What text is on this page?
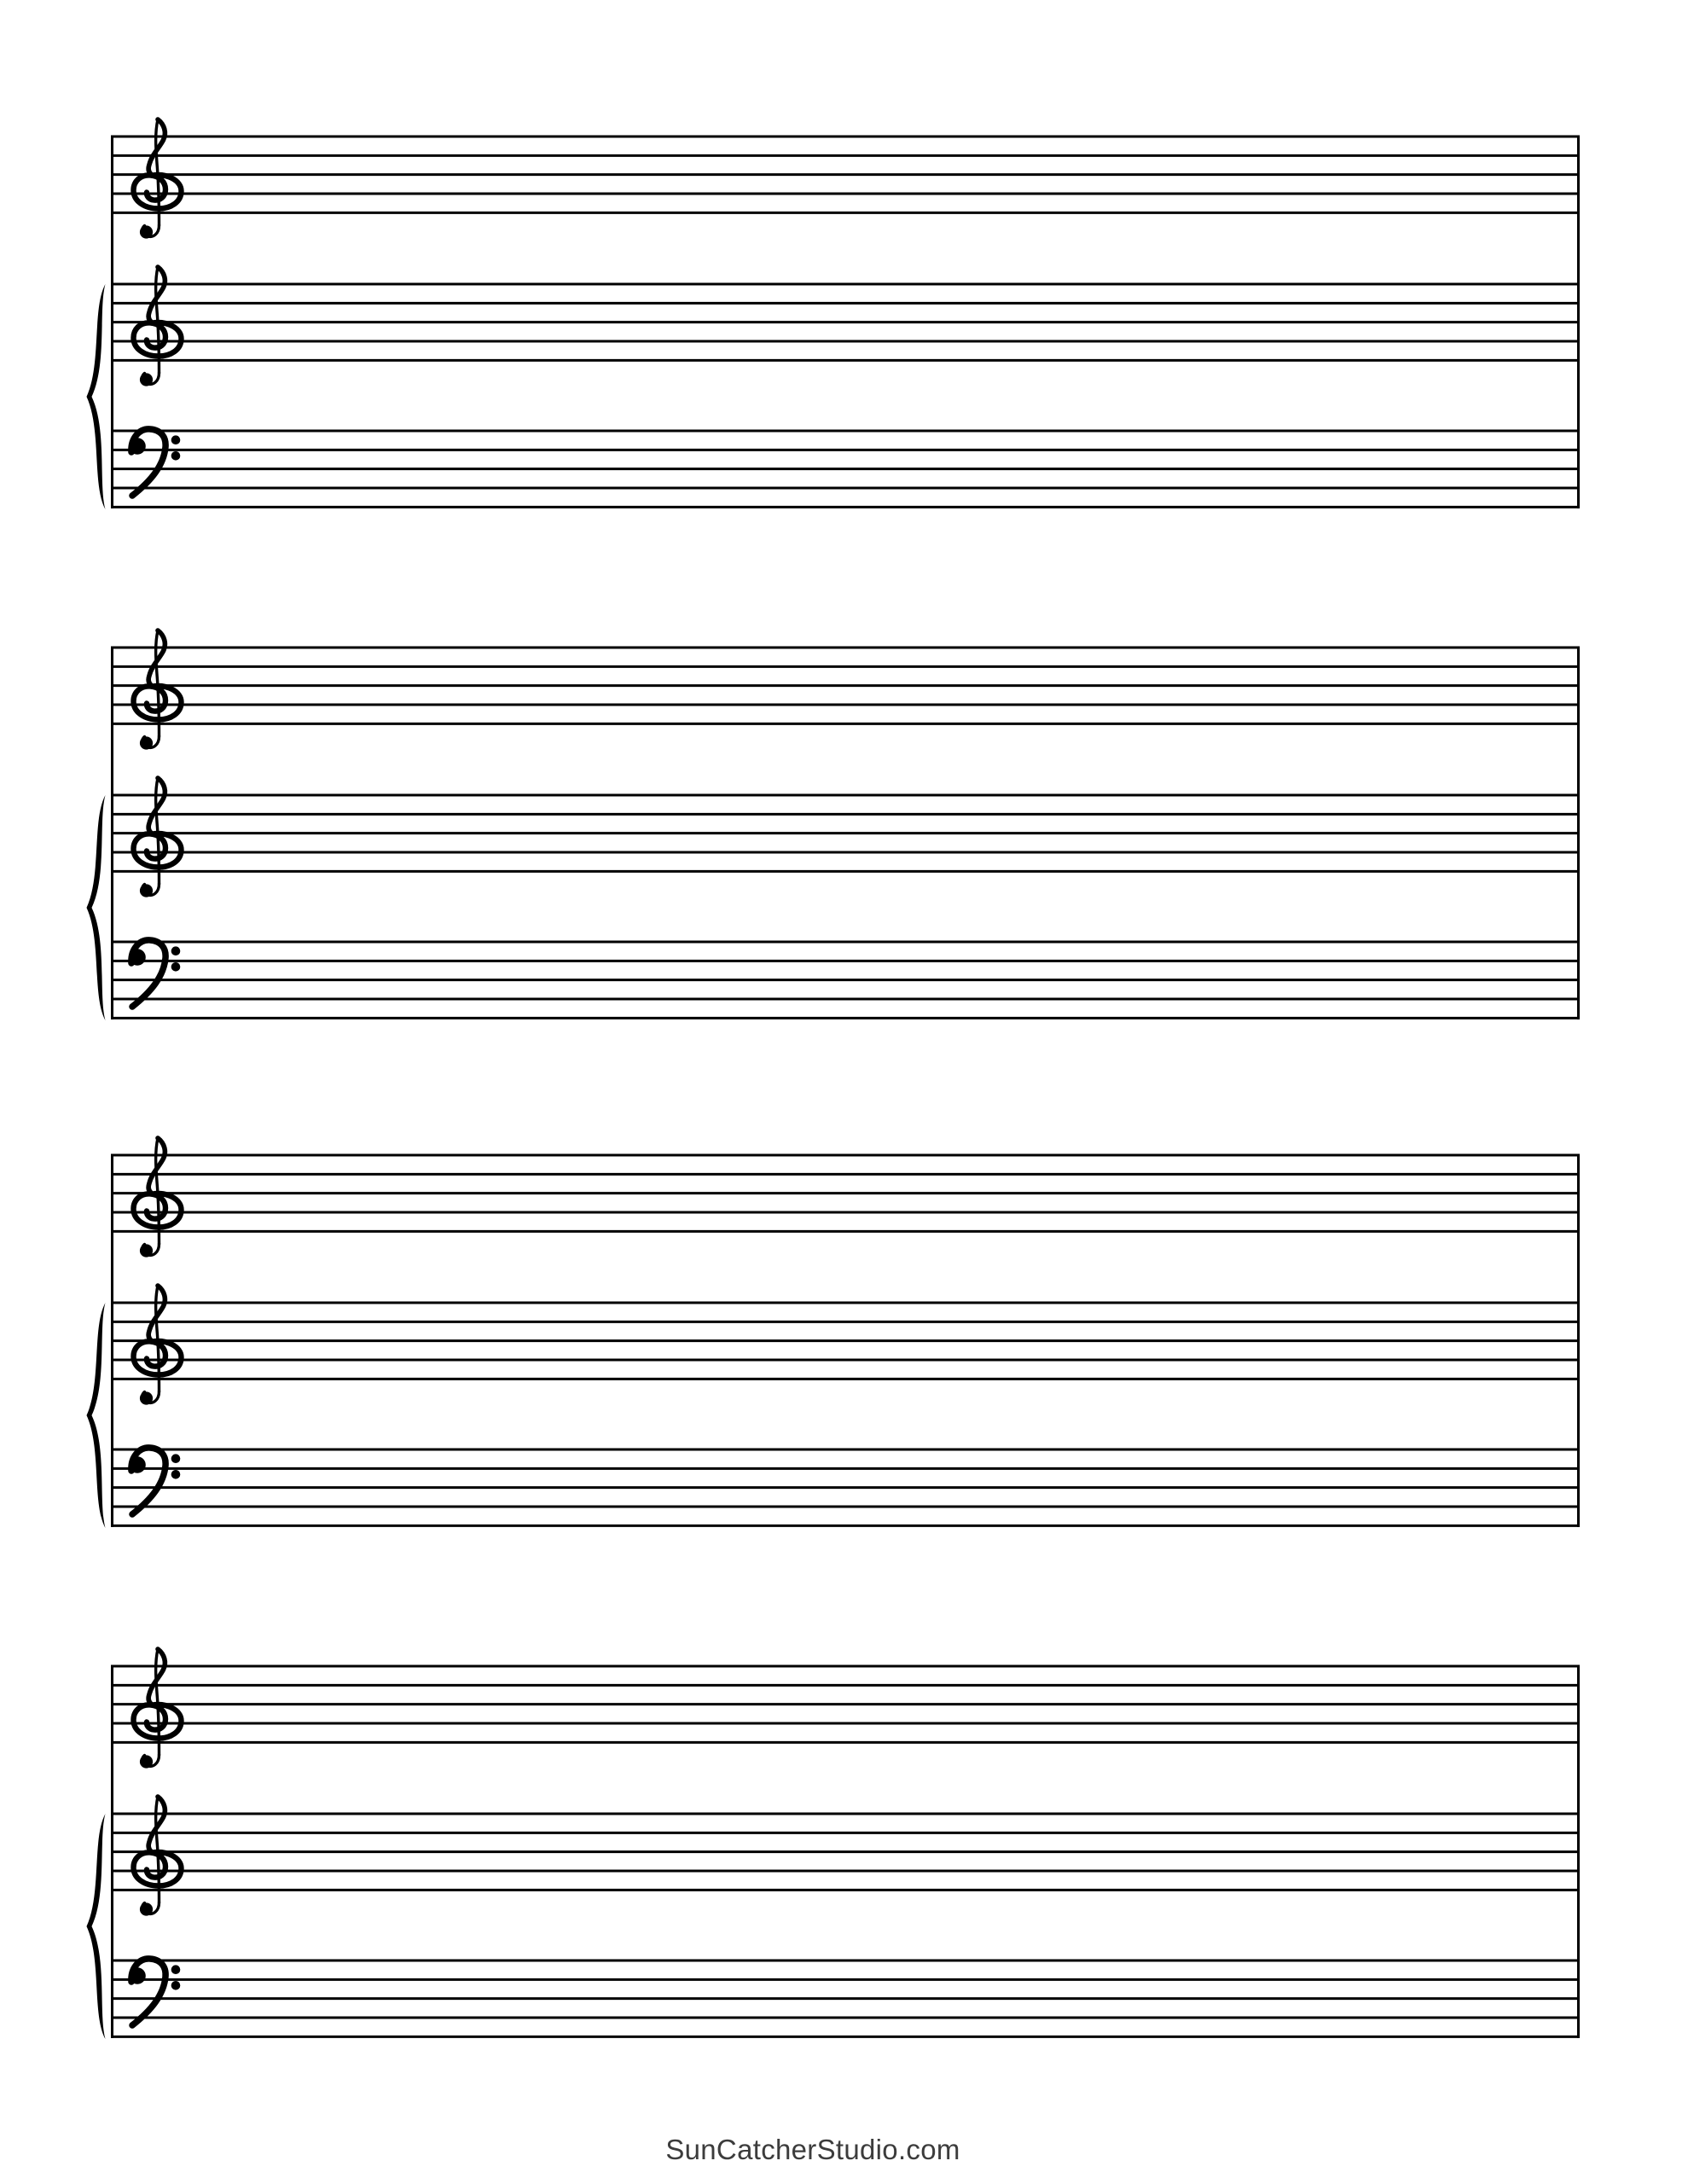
SunCatcherStudio.com
